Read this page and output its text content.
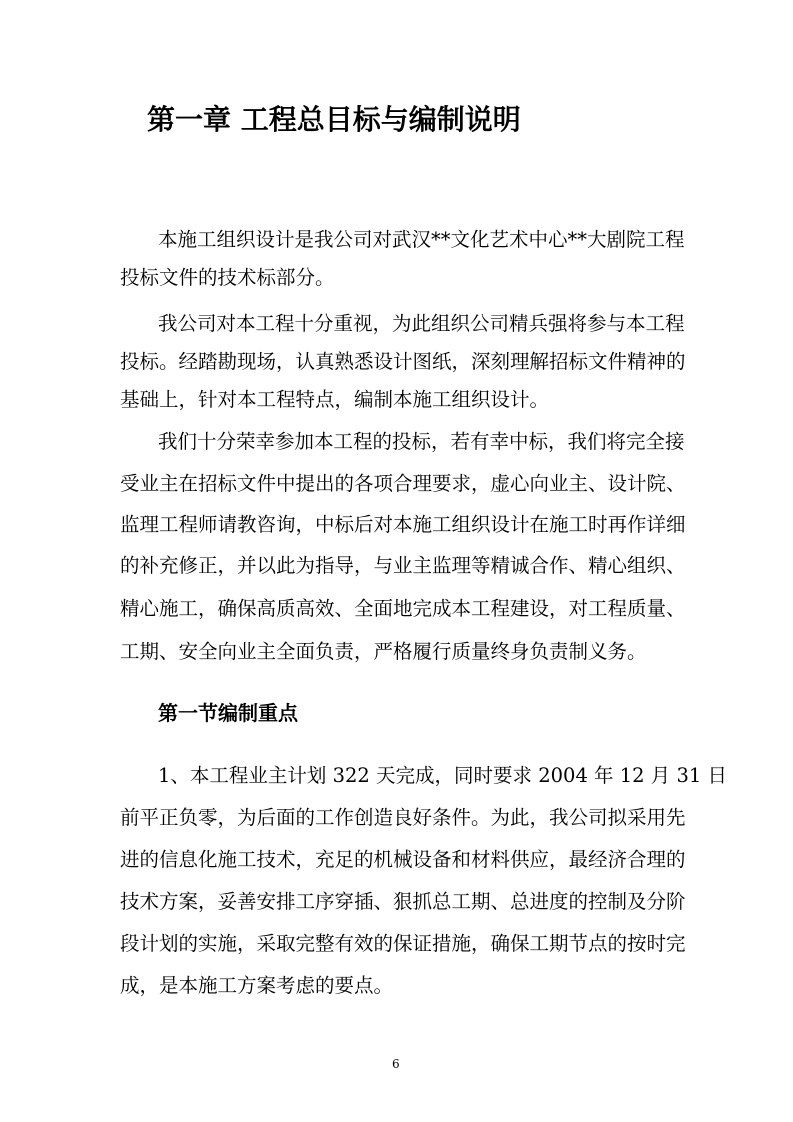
第一章 工程总目标与编制说明
本施工组织设计是我公司对武汉**文化艺术中心**大剧院工程
投标文件的技术标部分。
我公司对本工程十分重视，为此组织公司精兵强将参与本工程
投标。经踏勘现场，认真熟悉设计图纸，深刻理解招标文件精神的
基础上，针对本工程特点，编制本施工组织设计。
我们十分荣幸参加本工程的投标，若有幸中标，我们将完全接
受业主在招标文件中提出的各项合理要求，虚心向业主、设计院、
监理工程师请教咨询，中标后对本施工组织设计在施工时再作详细
的补充修正，并以此为指导，与业主监理等精诚合作、精心组织、
精心施工，确保高质高效、全面地完成本工程建设，对工程质量、
工期、安全向业主全面负责，严格履行质量终身负责制义务。
第一节编制重点
1、本工程业主计划 322 天完成，同时要求 2004 年 12 月 31 日
前平正负零，为后面的工作创造良好条件。为此，我公司拟采用先
进的信息化施工技术，充足的机械设备和材料供应，最经济合理的
技术方案，妥善安排工序穿插、狠抓总工期、总进度的控制及分阶
段计划的实施，采取完整有效的保证措施，确保工期节点的按时完
成，是本施工方案考虑的要点。
6
